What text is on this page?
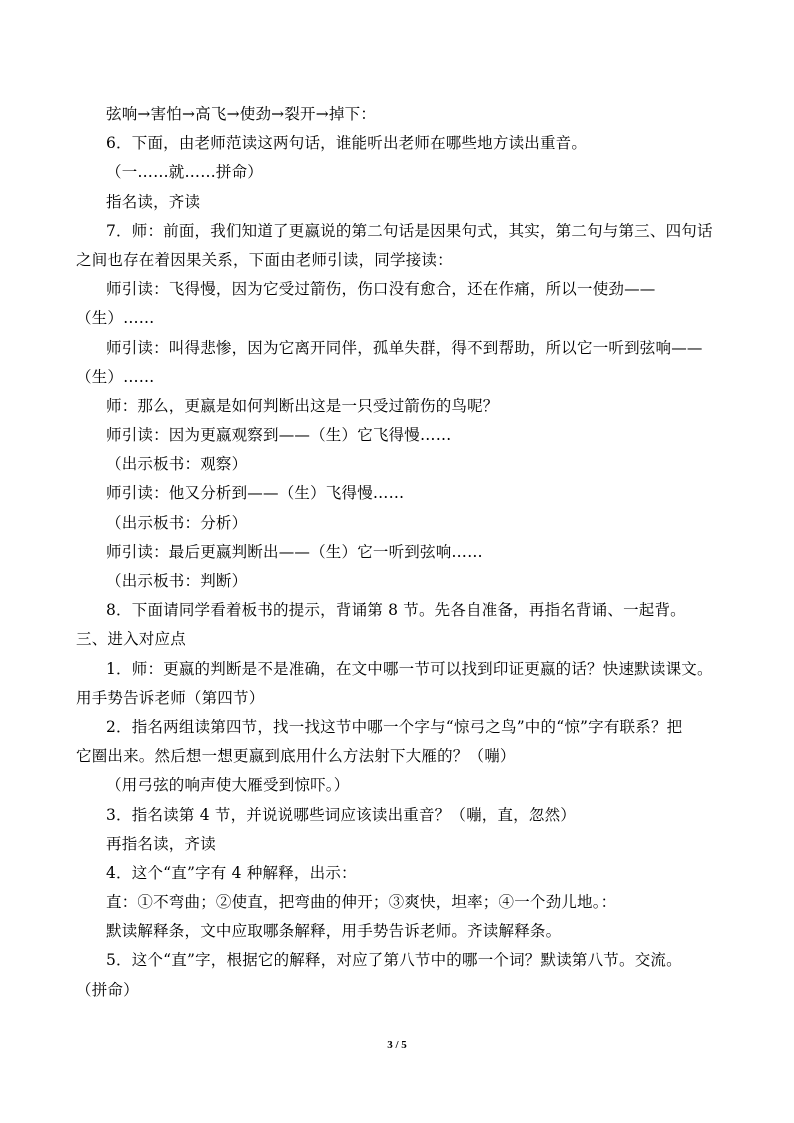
弦响→害怕→高飞→使劲→裂开→掉下：
6．下面，由老师范读这两句话，谁能听出老师在哪些地方读出重音。
（一……就……拼命）
指名读，齐读
7．师：前面，我们知道了更嬴说的第二句话是因果句式，其实，第二句与第三、四句话
之间也存在着因果关系，下面由老师引读，同学接读：
师引读：飞得慢，因为它受过箭伤，伤口没有愈合，还在作痛，所以一使劲——
（生）……
师引读：叫得悲惨，因为它离开同伴，孤单失群，得不到帮助，所以它一听到弦响——
（生）……
师：那么，更嬴是如何判断出这是一只受过箭伤的鸟呢？
师引读：因为更嬴观察到——（生）它飞得慢……
（出示板书：观察）
师引读：他又分析到——（生）飞得慢……
（出示板书：分析）
师引读：最后更嬴判断出——（生）它一听到弦响……
（出示板书：判断）
8．下面请同学看着板书的提示，背诵第 8 节。先各自准备，再指名背诵、一起背。
三、进入对应点
1．师：更嬴的判断是不是准确，在文中哪一节可以找到印证更嬴的话？快速默读课文。
用手势告诉老师（第四节）
2．指名两组读第四节，找一找这节中哪一个字与“惊弓之鸟”中的“惊”字有联系？把
它圈出来。然后想一想更嬴到底用什么方法射下大雁的？（嘣）
（用弓弦的响声使大雁受到惊吓。）
3．指名读第 4 节，并说说哪些词应该读出重音？（嘣，直，忽然）
再指名读，齐读
4．这个“直”字有 4 种解释，出示：
直：①不弯曲；②使直，把弯曲的伸开；③爽快，坦率；④一个劲儿地。：
默读解释条，文中应取哪条解释，用手势告诉老师。齐读解释条。
5．这个“直”字，根据它的解释，对应了第八节中的哪一个词？默读第八节。交流。
（拼命）
3 / 5
